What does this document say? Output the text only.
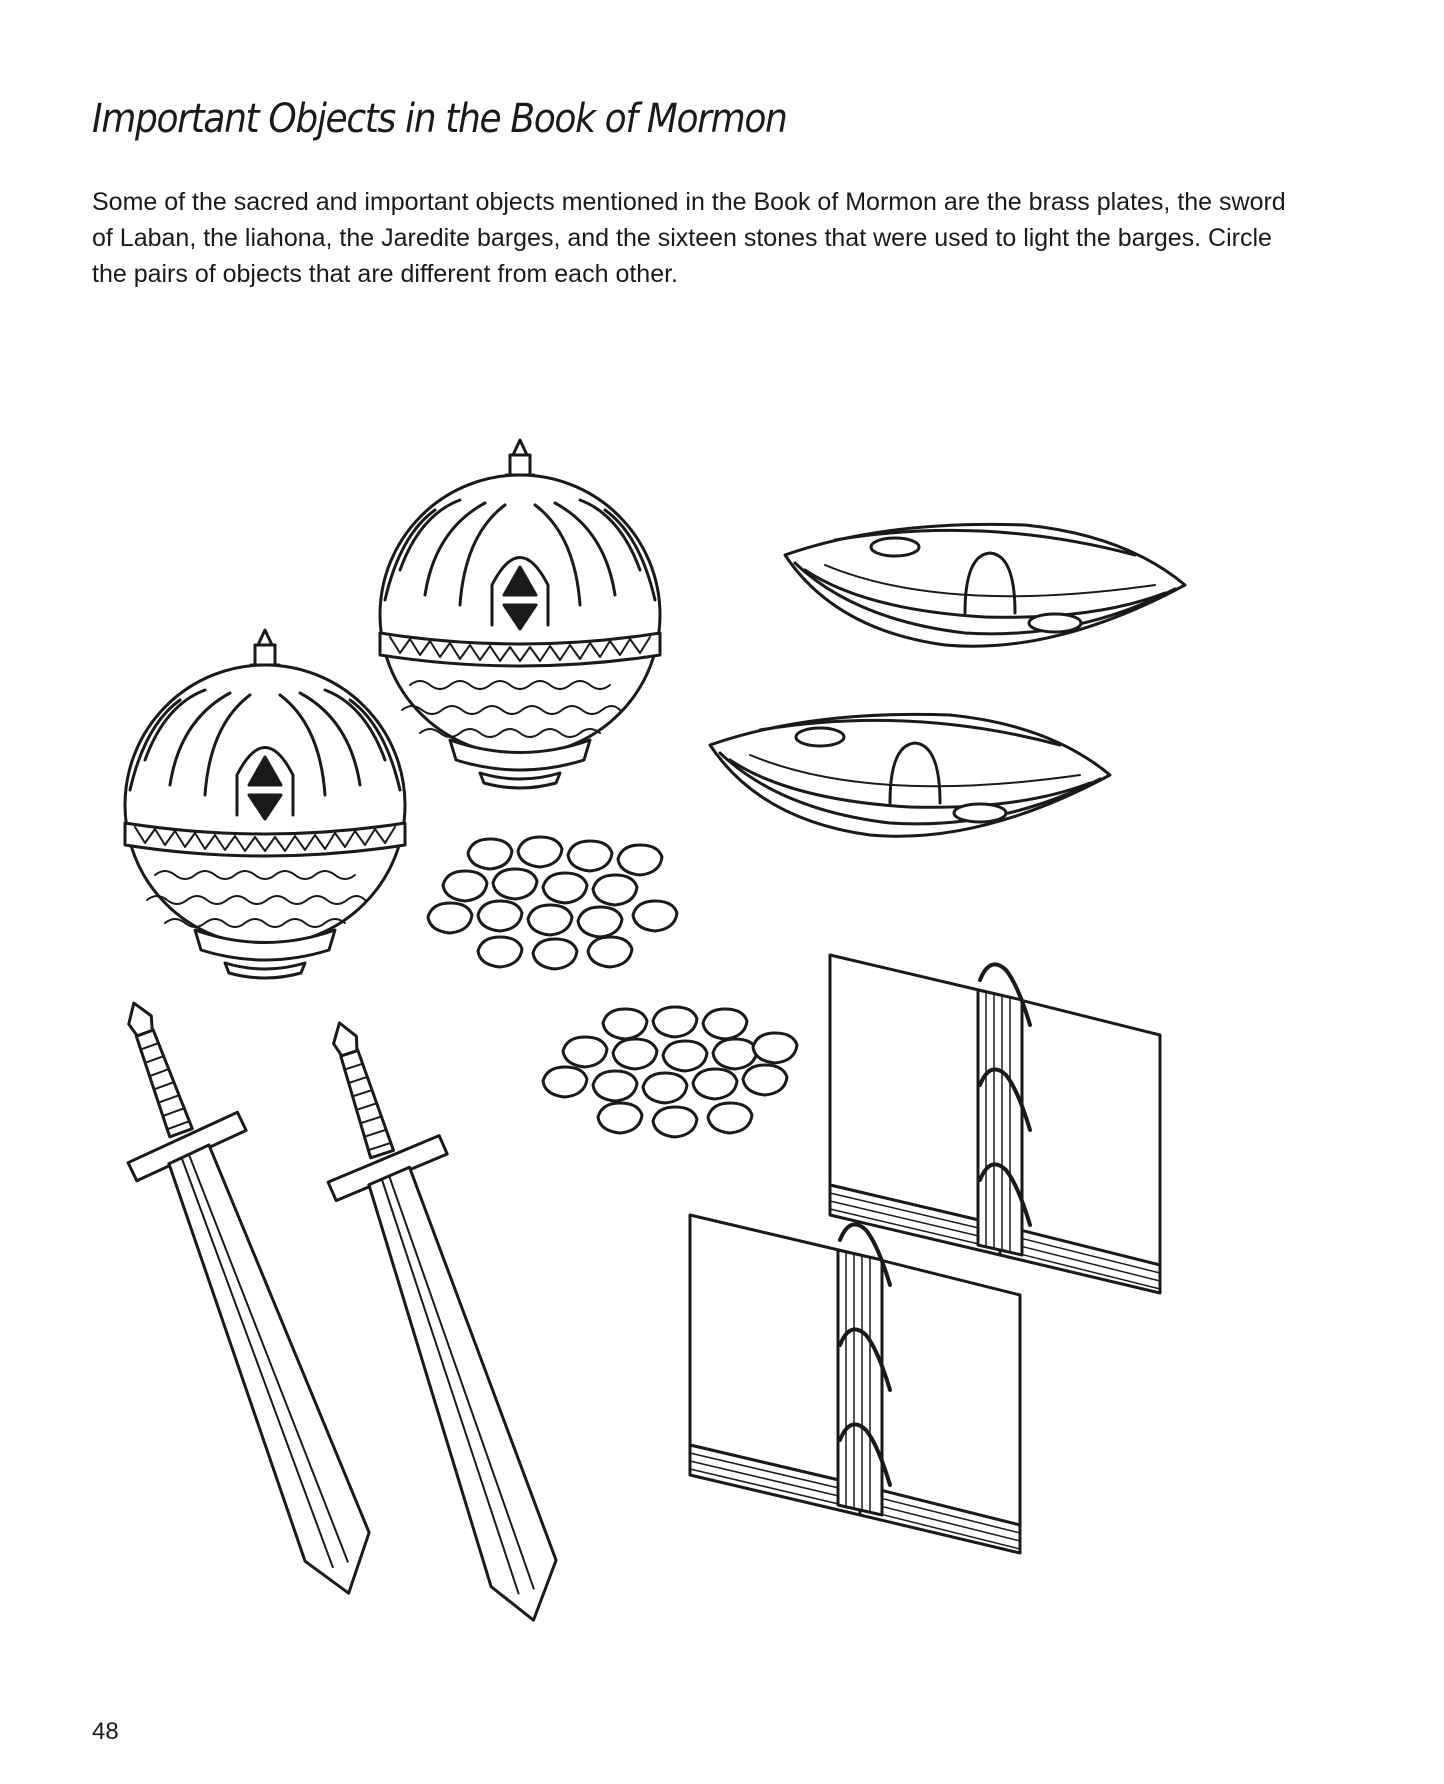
Important Objects in the Book of Mormon

Some of the sacred and important objects mentioned in the Book of Mormon are the brass plates, the sword of Laban, the liahona, the Jaredite barges, and the sixteen stones that were used to light the barges. Circle the pairs of objects that are different from each other.

48
